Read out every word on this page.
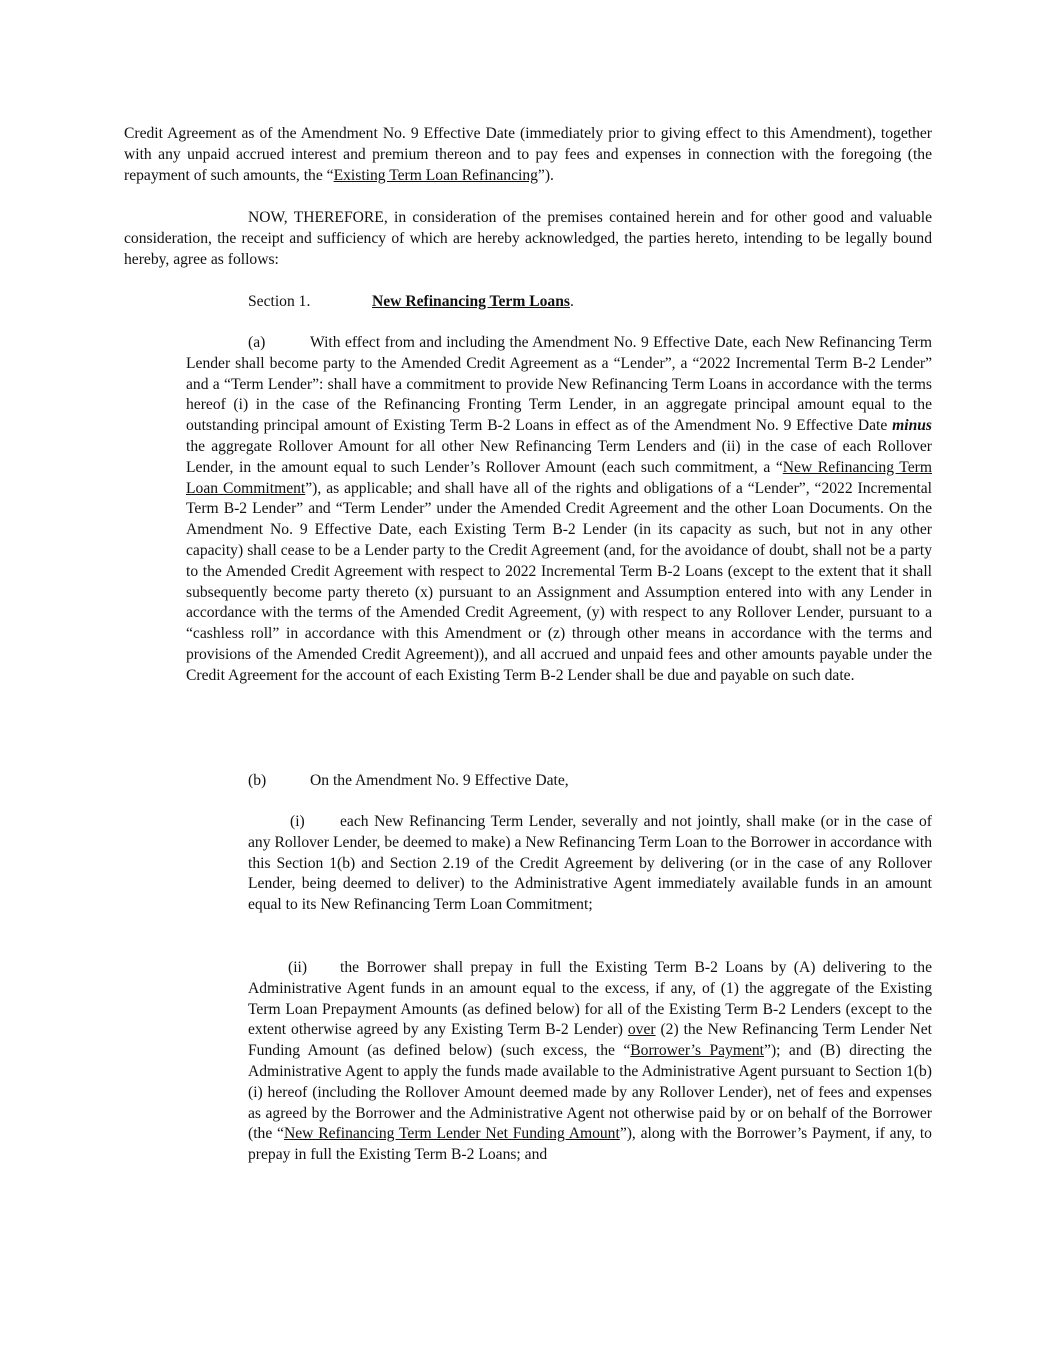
Credit Agreement as of the Amendment No. 9 Effective Date (immediately prior to giving effect to this Amendment), together with any unpaid accrued interest and premium thereon and to pay fees and expenses in connection with the foregoing (the repayment of such amounts, the “Existing Term Loan Refinancing”).

NOW, THEREFORE, in consideration of the premises contained herein and for other good and valuable consideration, the receipt and sufficiency of which are hereby acknowledged, the parties hereto, intending to be legally bound hereby, agree as follows:

Section 1.	New Refinancing Term Loans.

(a)	With effect from and including the Amendment No. 9 Effective Date, each New Refinancing Term Lender shall become party to the Amended Credit Agreement as a “Lender”, a “2022 Incremental Term B-2 Lender” and a “Term Lender”: shall have a commitment to provide New Refinancing Term Loans in accordance with the terms hereof (i) in the case of the Refinancing Fronting Term Lender, in an aggregate principal amount equal to the outstanding principal amount of Existing Term B-2 Loans in effect as of the Amendment No. 9 Effective Date minus the aggregate Rollover Amount for all other New Refinancing Term Lenders and (ii) in the case of each Rollover Lender, in the amount equal to such Lender’s Rollover Amount (each such commitment, a “New Refinancing Term Loan Commitment”), as applicable; and shall have all of the rights and obligations of a “Lender”, “2022 Incremental Term B-2 Lender” and “Term Lender” under the Amended Credit Agreement and the other Loan Documents. On the Amendment No. 9 Effective Date, each Existing Term B-2 Lender (in its capacity as such, but not in any other capacity) shall cease to be a Lender party to the Credit Agreement (and, for the avoidance of doubt, shall not be a party to the Amended Credit Agreement with respect to 2022 Incremental Term B-2 Loans (except to the extent that it shall subsequently become party thereto (x) pursuant to an Assignment and Assumption entered into with any Lender in accordance with the terms of the Amended Credit Agreement, (y) with respect to any Rollover Lender, pursuant to a “cashless roll” in accordance with this Amendment or (z) through other means in accordance with the terms and provisions of the Amended Credit Agreement)), and all accrued and unpaid fees and other amounts payable under the Credit Agreement for the account of each Existing Term B-2 Lender shall be due and payable on such date.

(b)	On the Amendment No. 9 Effective Date,

(i) each New Refinancing Term Lender, severally and not jointly, shall make (or in the case of any Rollover Lender, be deemed to make) a New Refinancing Term Loan to the Borrower in accordance with this Section 1(b) and Section 2.19 of the Credit Agreement by delivering (or in the case of any Rollover Lender, being deemed to deliver) to the Administrative Agent immediately available funds in an amount equal to its New Refinancing Term Loan Commitment;

(ii) the Borrower shall prepay in full the Existing Term B-2 Loans by (A) delivering to the Administrative Agent funds in an amount equal to the excess, if any, of (1) the aggregate of the Existing Term Loan Prepayment Amounts (as defined below) for all of the Existing Term B-2 Lenders (except to the extent otherwise agreed by any Existing Term B-2 Lender) over (2) the New Refinancing Term Lender Net Funding Amount (as defined below) (such excess, the “Borrower’s Payment”); and (B) directing the Administrative Agent to apply the funds made available to the Administrative Agent pursuant to Section 1(b)(i) hereof (including the Rollover Amount deemed made by any Rollover Lender), net of fees and expenses as agreed by the Borrower and the Administrative Agent not otherwise paid by or on behalf of the Borrower (the “New Refinancing Term Lender Net Funding Amount”), along with the Borrower’s Payment, if any, to prepay in full the Existing Term B-2 Loans; and
